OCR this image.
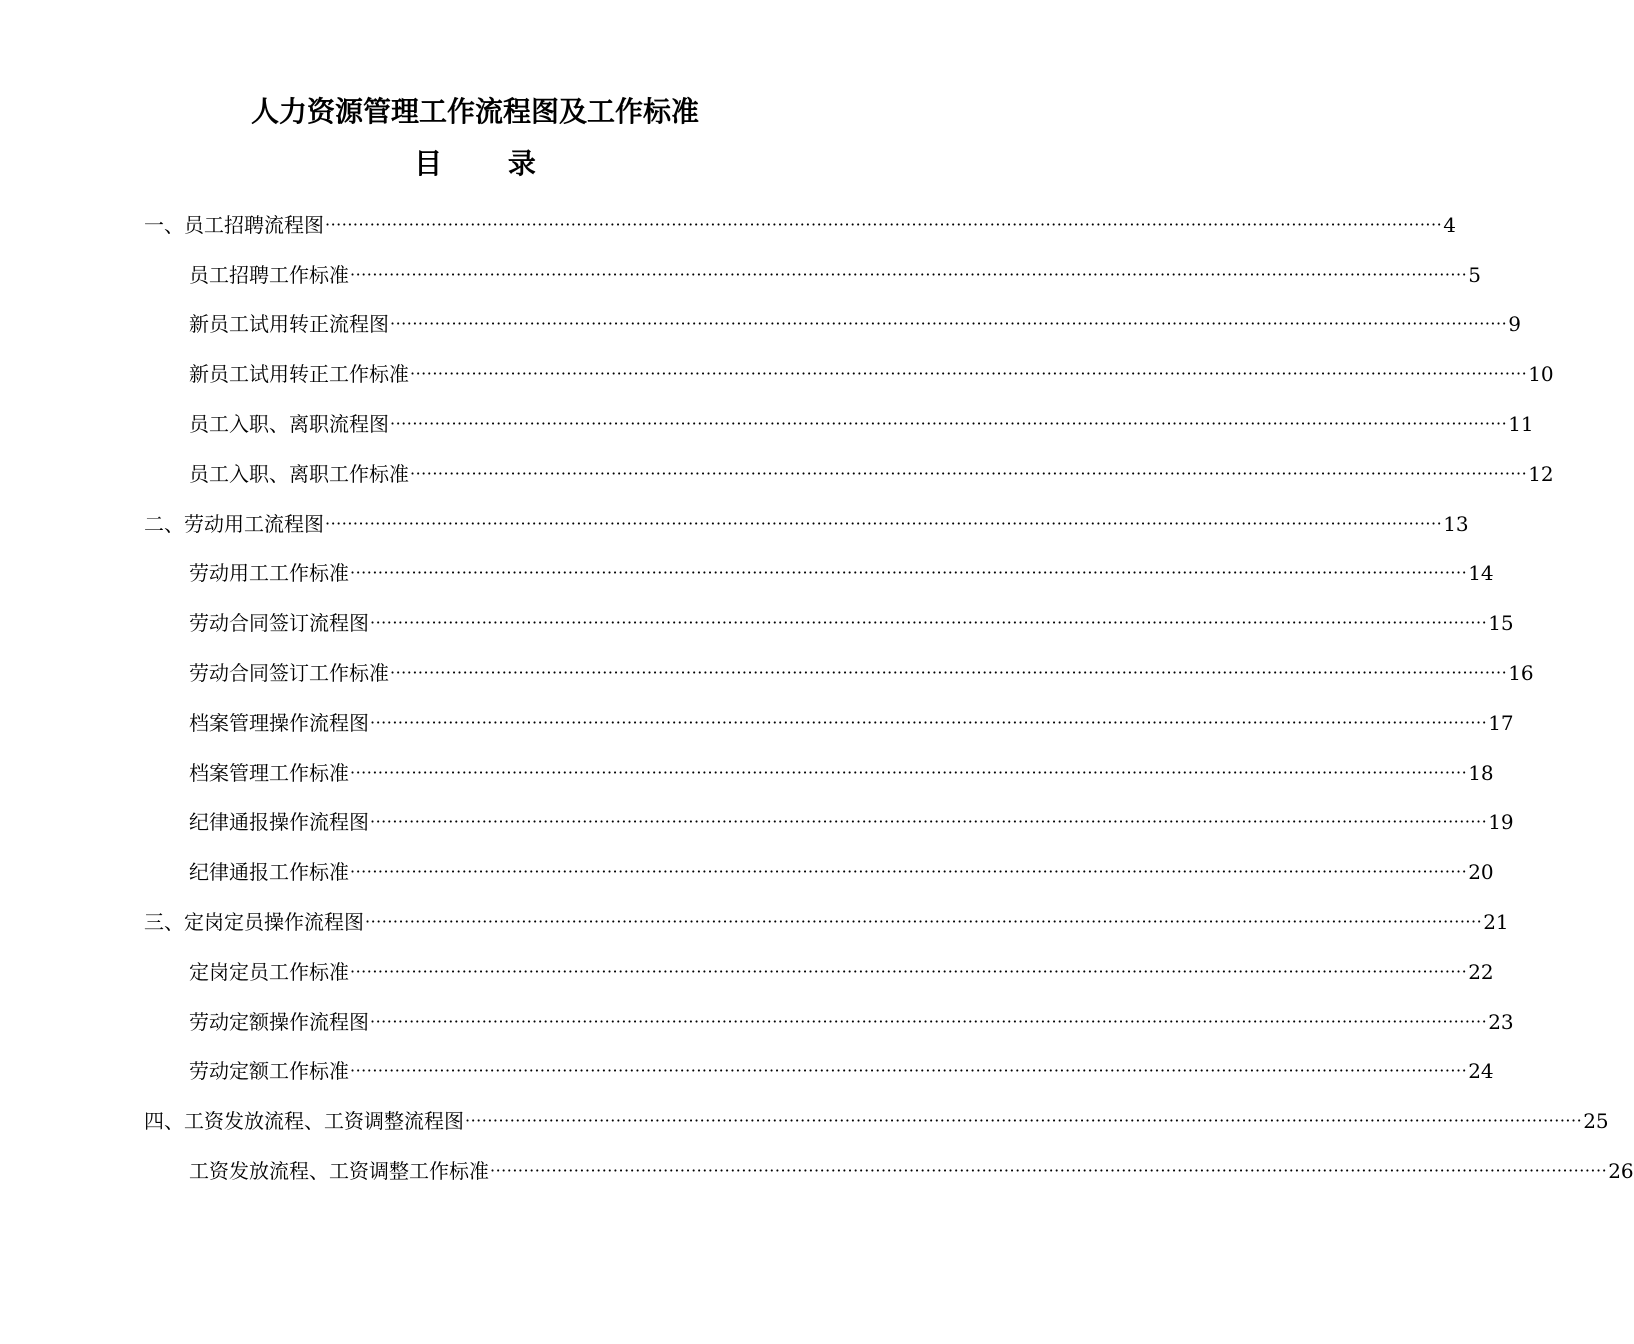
人力资源管理工作流程图及工作标准
目 录
一、 员工招聘流程图 ········································································································································································································ 4
员工招聘工作标准 ········································································································································································································ 5
新员工试用转正流程图 ········································································································································································································ 9
新员工试用转正工作标准 ········································································································································································································ 10
员工入职、离职流程图 ········································································································································································································ 11
员工入职、离职工作标准 ········································································································································································································ 12
二、 劳动用工流程图 ········································································································································································································ 13
劳动用工工作标准 ········································································································································································································ 14
劳动合同签订流程图 ········································································································································································································ 15
劳动合同签订工作标准 ········································································································································································································ 16
档案管理操作流程图 ········································································································································································································ 17
档案管理工作标准 ········································································································································································································ 18
纪律通报操作流程图 ········································································································································································································ 19
纪律通报工作标准 ········································································································································································································ 20
三、 定岗定员操作流程图 ········································································································································································································ 21
定岗定员工作标准 ········································································································································································································ 22
劳动定额操作流程图 ········································································································································································································ 23
劳动定额工作标准 ········································································································································································································ 24
四、 工资发放流程、工资调整流程图 ········································································································································································································ 25
工资发放流程、工资调整工作标准 ········································································································································································································ 26
